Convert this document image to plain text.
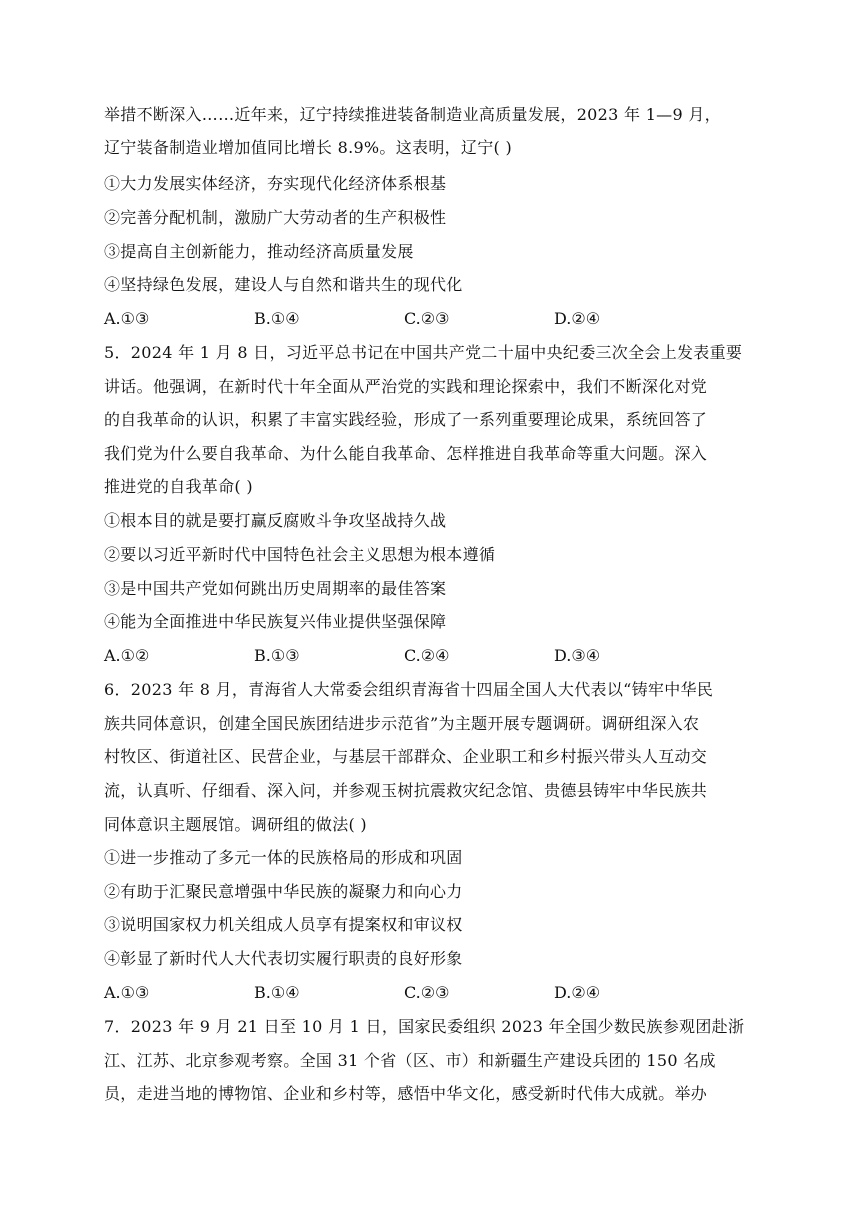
举措不断深入……近年来，辽宁持续推进装备制造业高质量发展，2023 年 1—9 月，
辽宁装备制造业增加值同比增长 8.9%。这表明，辽宁( )
①大力发展实体经济，夯实现代化经济体系根基
②完善分配机制，激励广大劳动者的生产积极性
③提高自主创新能力，推动经济高质量发展
④坚持绿色发展，建设人与自然和谐共生的现代化
A.①③	B.①④	C.②③	D.②④
5．2024 年 1 月 8 日，习近平总书记在中国共产党二十届中央纪委三次全会上发表重要
讲话。他强调，在新时代十年全面从严治党的实践和理论探索中，我们不断深化对党
的自我革命的认识，积累了丰富实践经验，形成了一系列重要理论成果，系统回答了
我们党为什么要自我革命、为什么能自我革命、怎样推进自我革命等重大问题。深入
推进党的自我革命( )
①根本目的就是要打赢反腐败斗争攻坚战持久战
②要以习近平新时代中国特色社会主义思想为根本遵循
③是中国共产党如何跳出历史周期率的最佳答案
④能为全面推进中华民族复兴伟业提供坚强保障
A.①②	B.①③	C.②④	D.③④
6．2023 年 8 月，青海省人大常委会组织青海省十四届全国人大代表以“铸牢中华民
族共同体意识，创建全国民族团结进步示范省”为主题开展专题调研。调研组深入农
村牧区、街道社区、民营企业，与基层干部群众、企业职工和乡村振兴带头人互动交
流，认真听、仔细看、深入问，并参观玉树抗震救灾纪念馆、贵德县铸牢中华民族共
同体意识主题展馆。调研组的做法( )
①进一步推动了多元一体的民族格局的形成和巩固
②有助于汇聚民意增强中华民族的凝聚力和向心力
③说明国家权力机关组成人员享有提案权和审议权
④彰显了新时代人大代表切实履行职责的良好形象
A.①③	B.①④	C.②③	D.②④
7．2023 年 9 月 21 日至 10 月 1 日，国家民委组织 2023 年全国少数民族参观团赴浙
江、江苏、北京参观考察。全国 31 个省（区、市）和新疆生产建设兵团的 150 名成
员，走进当地的博物馆、企业和乡村等，感悟中华文化，感受新时代伟大成就。举办
